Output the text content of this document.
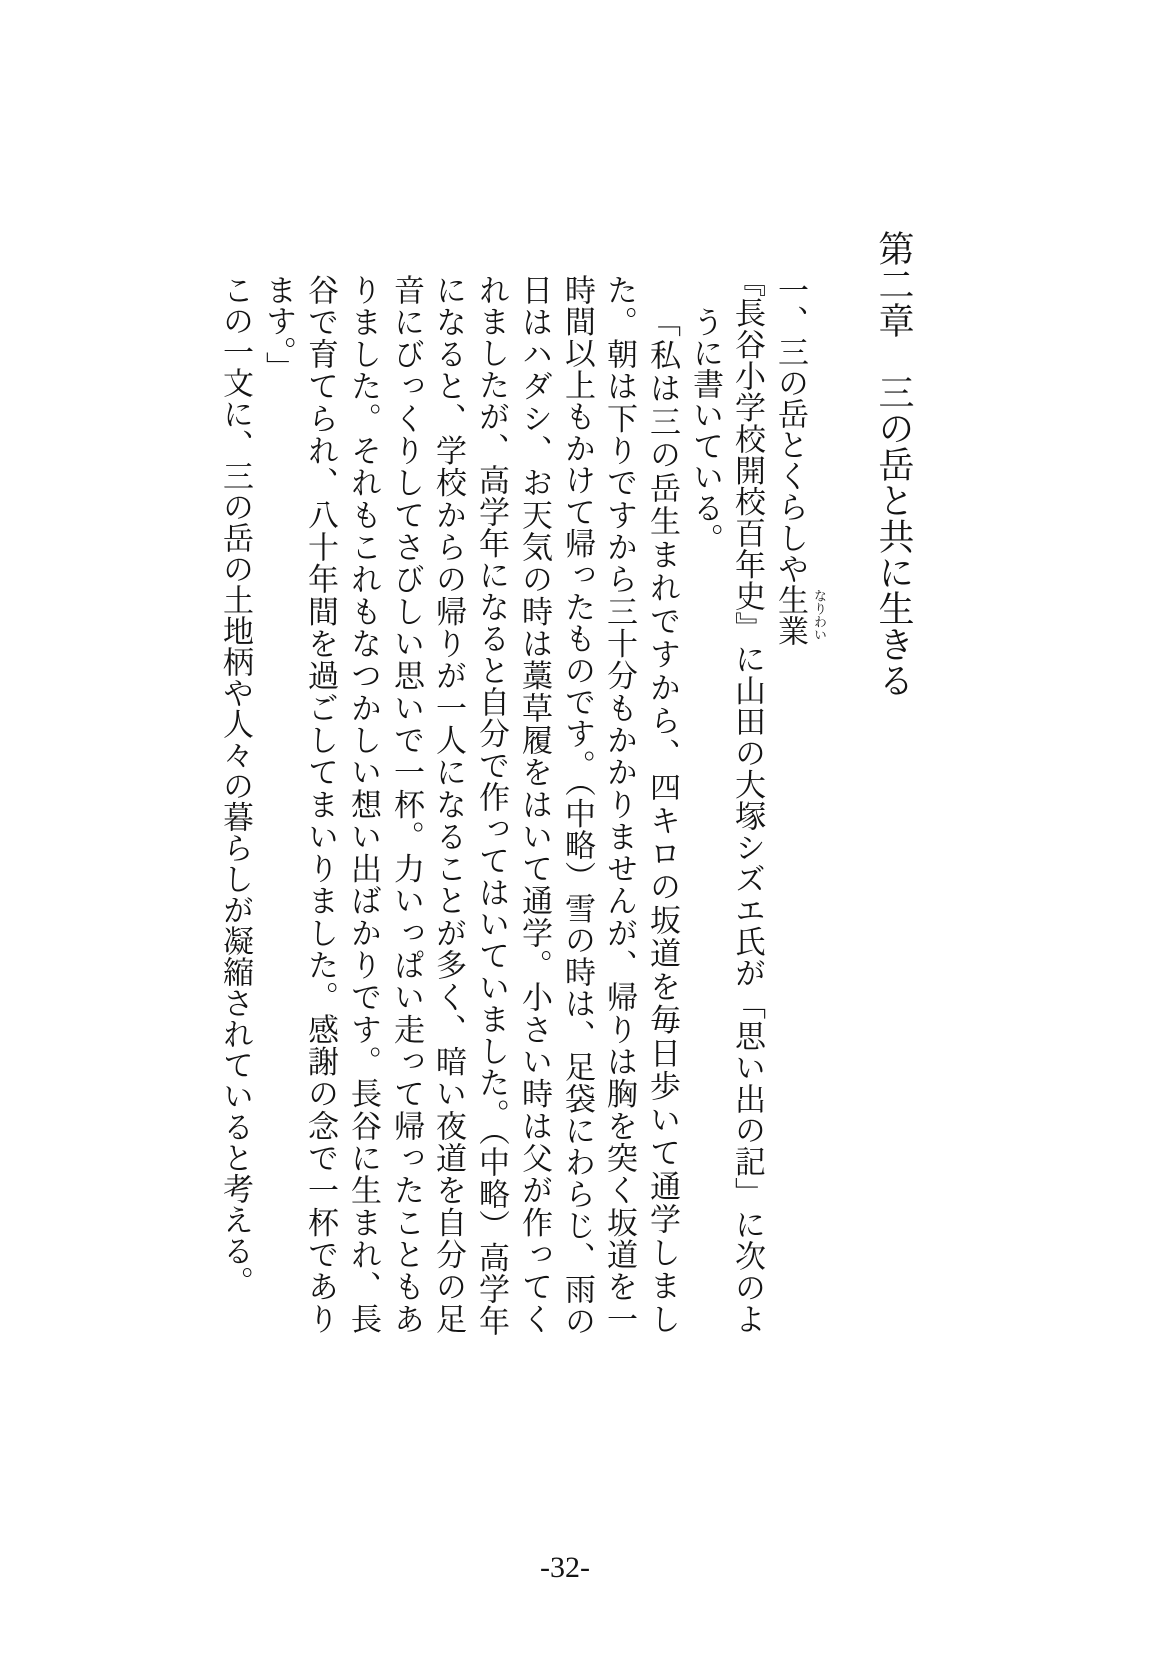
第二章　三の岳と共に生きる
一、三の岳とくらしや生業 なりわい
『長谷小学校開校百年史』に山田の大塚シズエ氏が「思い出の記」に次のよ
うに書いている。
「私は三の岳生まれですから、四キロの坂道を毎日歩いて通学しまし
た。朝は下りですから三十分もかかりませんが、帰りは胸を突く坂道を一
時間以上もかけて帰ったものです。（中略）雪の時は、足袋にわらじ、雨の
日はハダシ、お天気の時は藁草履をはいて通学。小さい時は父が作ってく
れましたが、高学年になると自分で作ってはいていました。（中略）高学年
になると、学校からの帰りが一人になることが多く、暗い夜道を自分の足
音にびっくりしてさびしい思いで一杯。力いっぱい走って帰ったこともあ
りました。それもこれもなつかしい想い出ばかりです。長谷に生まれ、長
谷で育てられ、八十年間を過ごしてまいりました。感謝の念で一杯であり
ます。」
この一文に、三の岳の土地柄や人々の暮らしが凝縮されていると考える。
-32-
